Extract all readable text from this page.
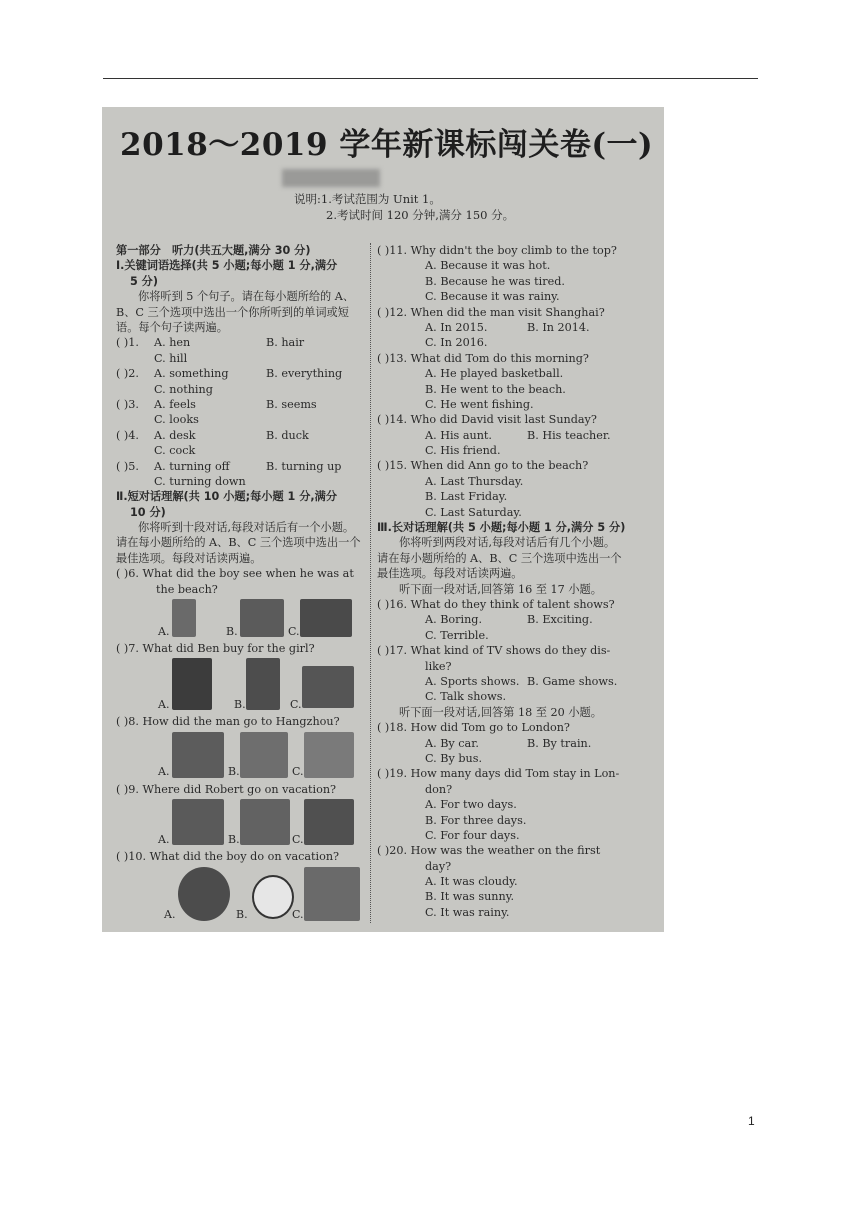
2018～2019 学年新课标闯关卷(一)
说明:1.考试范围为 Unit 1。
2.考试时间 120 分钟,满分 150 分。
第一部分　听力(共五大题,满分 30 分)
Ⅰ.关键词语选择(共 5 小题;每小题 1 分,满分
5 分)
你将听到 5 个句子。请在每小题所给的 A、B、C 三个选项中选出一个你所听到的单词或短语。每个句子读两遍。
( )1. A. hen	B. hair
C. hill
( )2. A. something	B. everything
C. nothing
( )3. A. feels	B. seems
C. looks
( )4. A. desk	B. duck
C. cock
( )5. A. turning off	B. turning up
C. turning down
Ⅱ.短对话理解(共 10 小题;每小题 1 分,满分
10 分)
你将听到十段对话,每段对话后有一个小题。请在每小题所给的 A、B、C 三个选项中选出一个最佳选项。每段对话读两遍。
( )6. What did the boy see when he was at
the beach?
A.	B.	C.
( )7. What did Ben buy for the girl?
A.	B.	C.
( )8. How did the man go to Hangzhou?
A.	B.	C.
( )9. Where did Robert go on vacation?
A.	B.	C.
( )10. What did the boy do on vacation?
A.	B.	C.
( )11. Why didn't the boy climb to the top?
A. Because it was hot.
B. Because he was tired.
C. Because it was rainy.
( )12. When did the man visit Shanghai?
A. In 2015.	B. In 2014.
C. In 2016.
( )13. What did Tom do this morning?
A. He played basketball.
B. He went to the beach.
C. He went fishing.
( )14. Who did David visit last Sunday?
A. His aunt.	B. His teacher.
C. His friend.
( )15. When did Ann go to the beach?
A. Last Thursday.
B. Last Friday.
C. Last Saturday.
Ⅲ.长对话理解(共 5 小题;每小题 1 分,满分 5 分)
你将听到两段对话,每段对话后有几个小题。请在每小题所给的 A、B、C 三个选项中选出一个最佳选项。每段对话读两遍。
听下面一段对话,回答第 16 至 17 小题。
( )16. What do they think of talent shows?
A. Boring.	B. Exciting.
C. Terrible.
( )17. What kind of TV shows do they dis-
like?
A. Sports shows. B. Game shows.
C. Talk shows.
听下面一段对话,回答第 18 至 20 小题。
( )18. How did Tom go to London?
A. By car.	B. By train.
C. By bus.
( )19. How many days did Tom stay in Lon-
don?
A. For two days.
B. For three days.
C. For four days.
( )20. How was the weather on the first
day?
A. It was cloudy.
B. It was sunny.
C. It was rainy.
1
